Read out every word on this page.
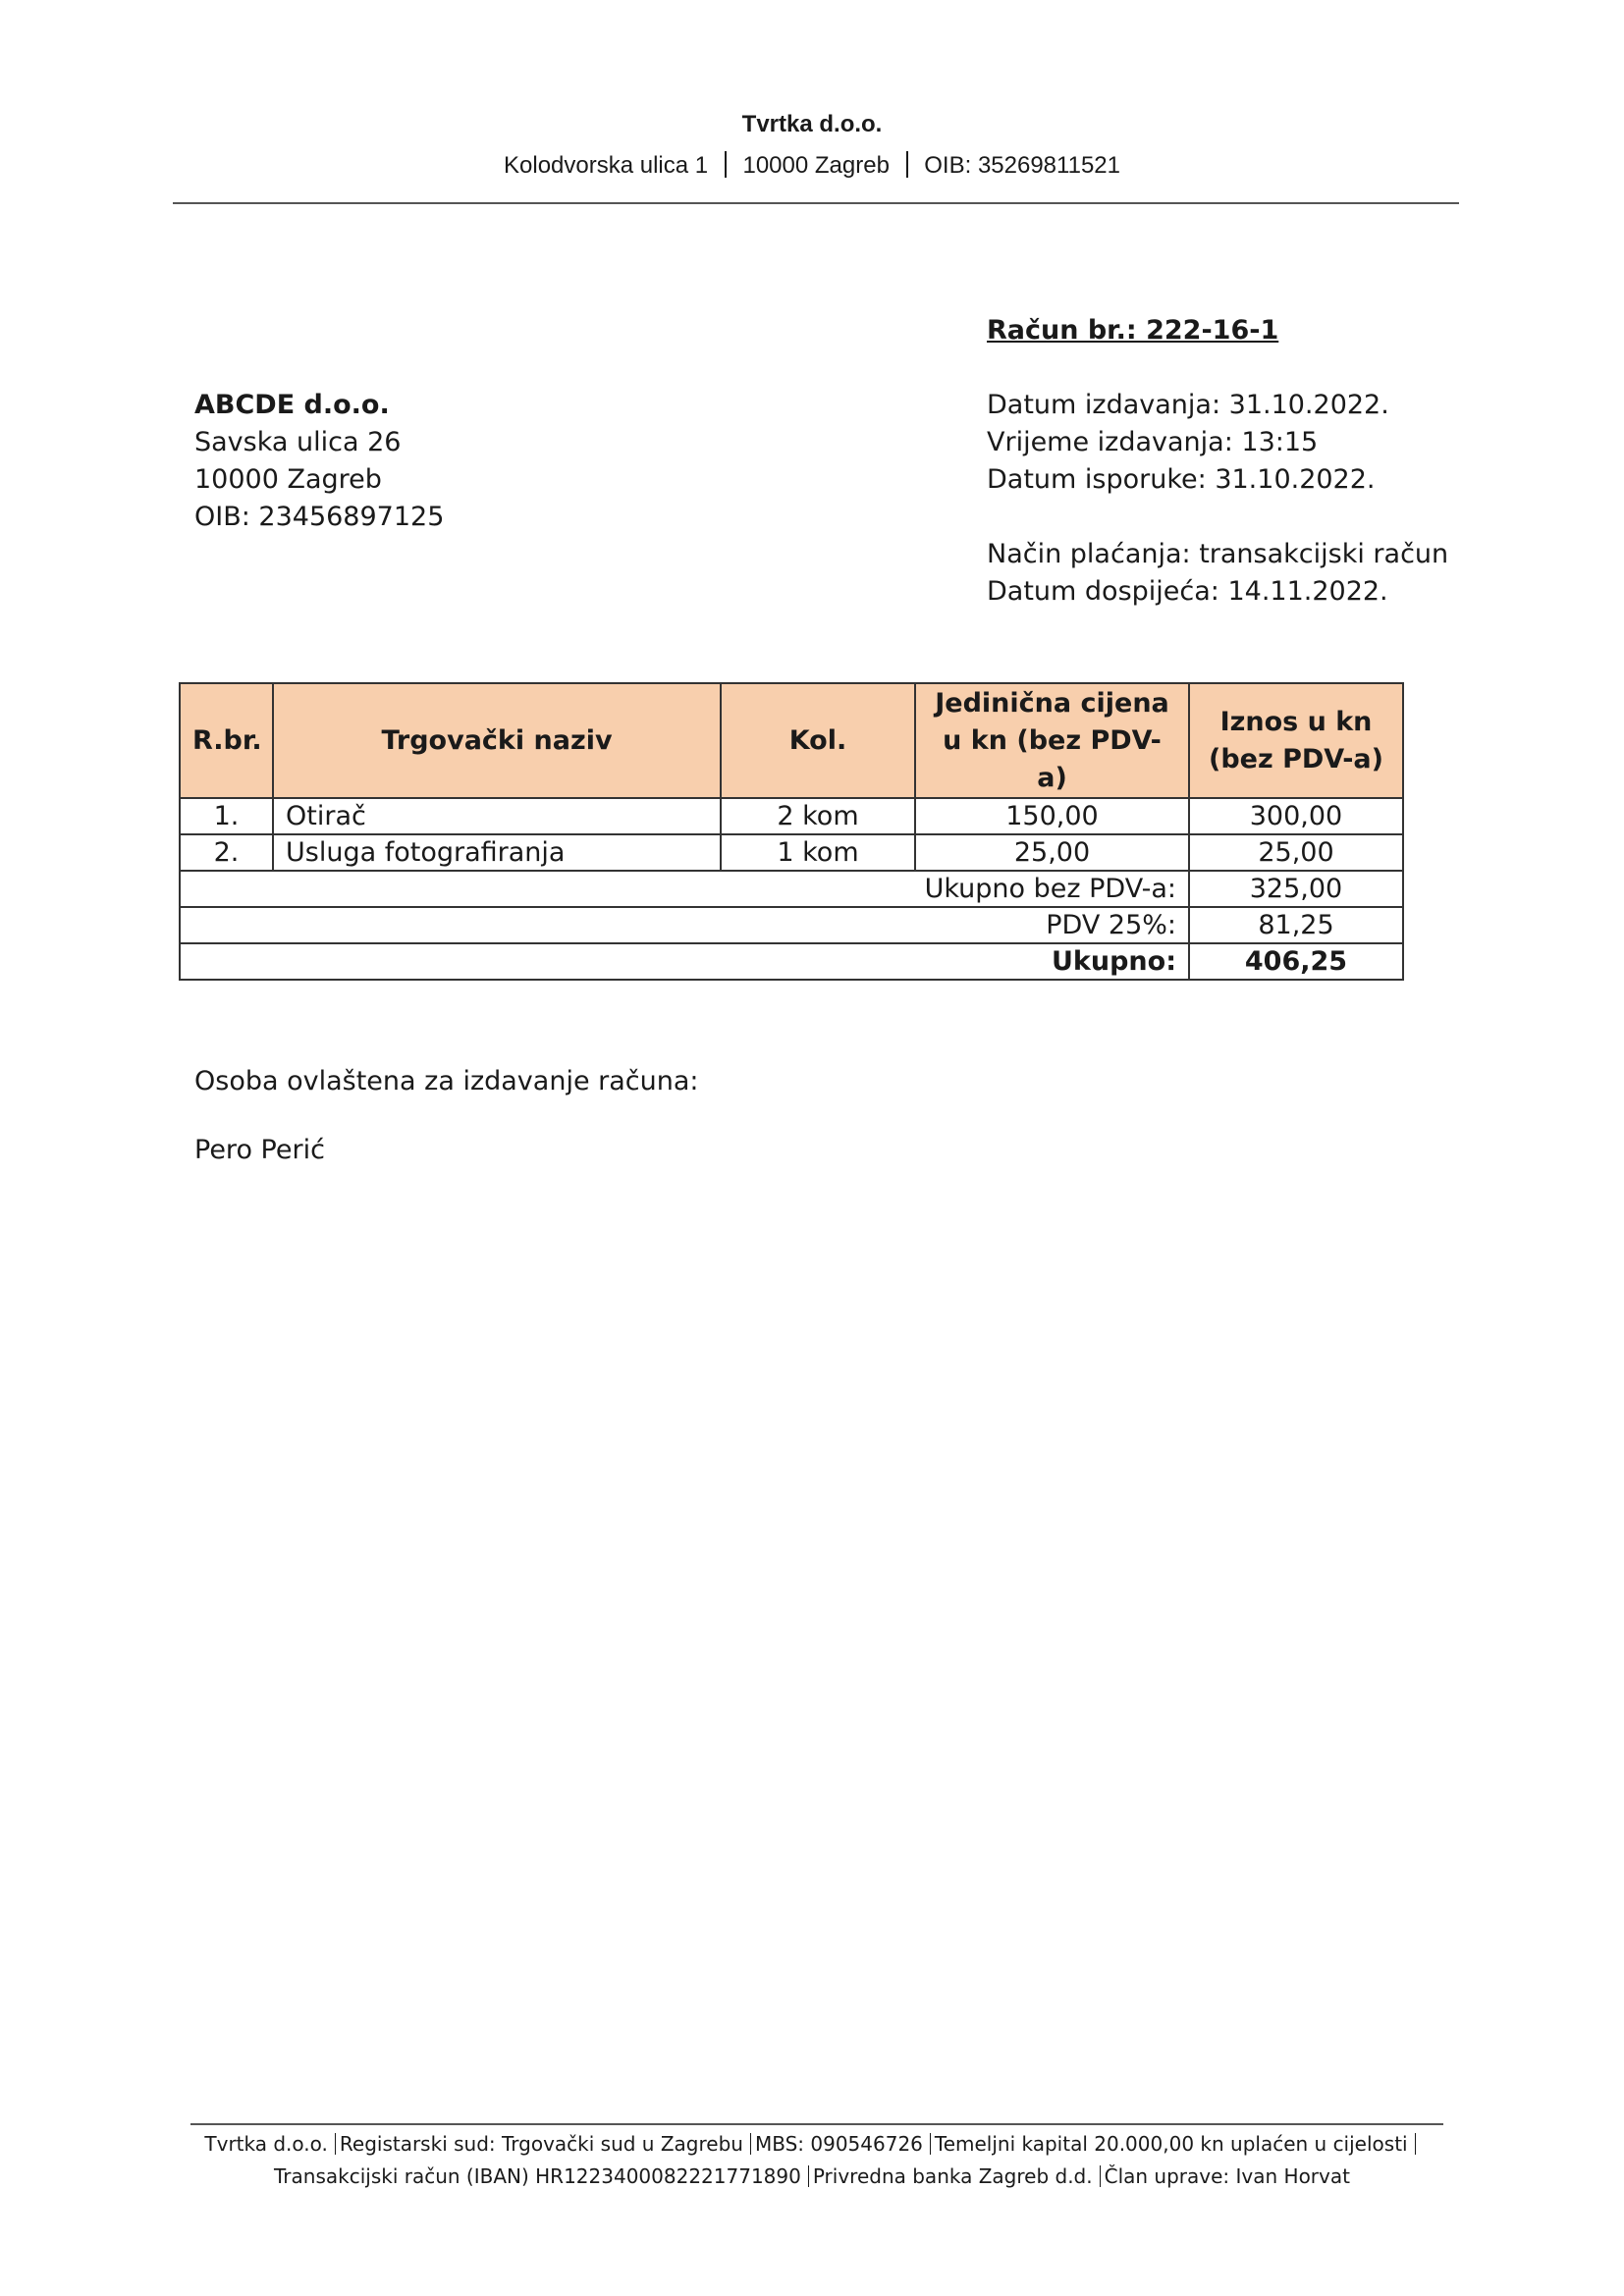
Tvrtka d.o.o.
Kolodvorska ulica 1 10000 Zagreb OIB: 35269811521
ABCDE d.o.o.
Savska ulica 26
10000 Zagreb
OIB: 23456897125
Račun br.: 222-16-1
Datum izdavanja: 31.10.2022.
Vrijeme izdavanja: 13:15
Datum isporuke: 31.10.2022.
Način plaćanja: transakcijski račun
Datum dospijeća: 14.11.2022.
R.br.	Trgovački naziv	Kol.	Jedinična cijena u kn (bez PDV-a)	Iznos u kn (bez PDV-a)
1.	Otirač	2 kom	150,00	300,00
2.	Usluga fotografiranja	1 kom	25,00	25,00
Ukupno bez PDV-a:				325,00
PDV 25%:				81,25
Ukupno:				406,25
Osoba ovlaštena za izdavanje računa:
Pero Perić
Tvrtka d.o.o. Registarski sud: Trgovački sud u Zagrebu MBS: 090546726 Temeljni kapital 20.000,00 kn uplaćen u cijelostiTransakcijski račun (IBAN) HR1223400082221771890 Privredna banka Zagreb d.d. Član uprave: Ivan Horvat
